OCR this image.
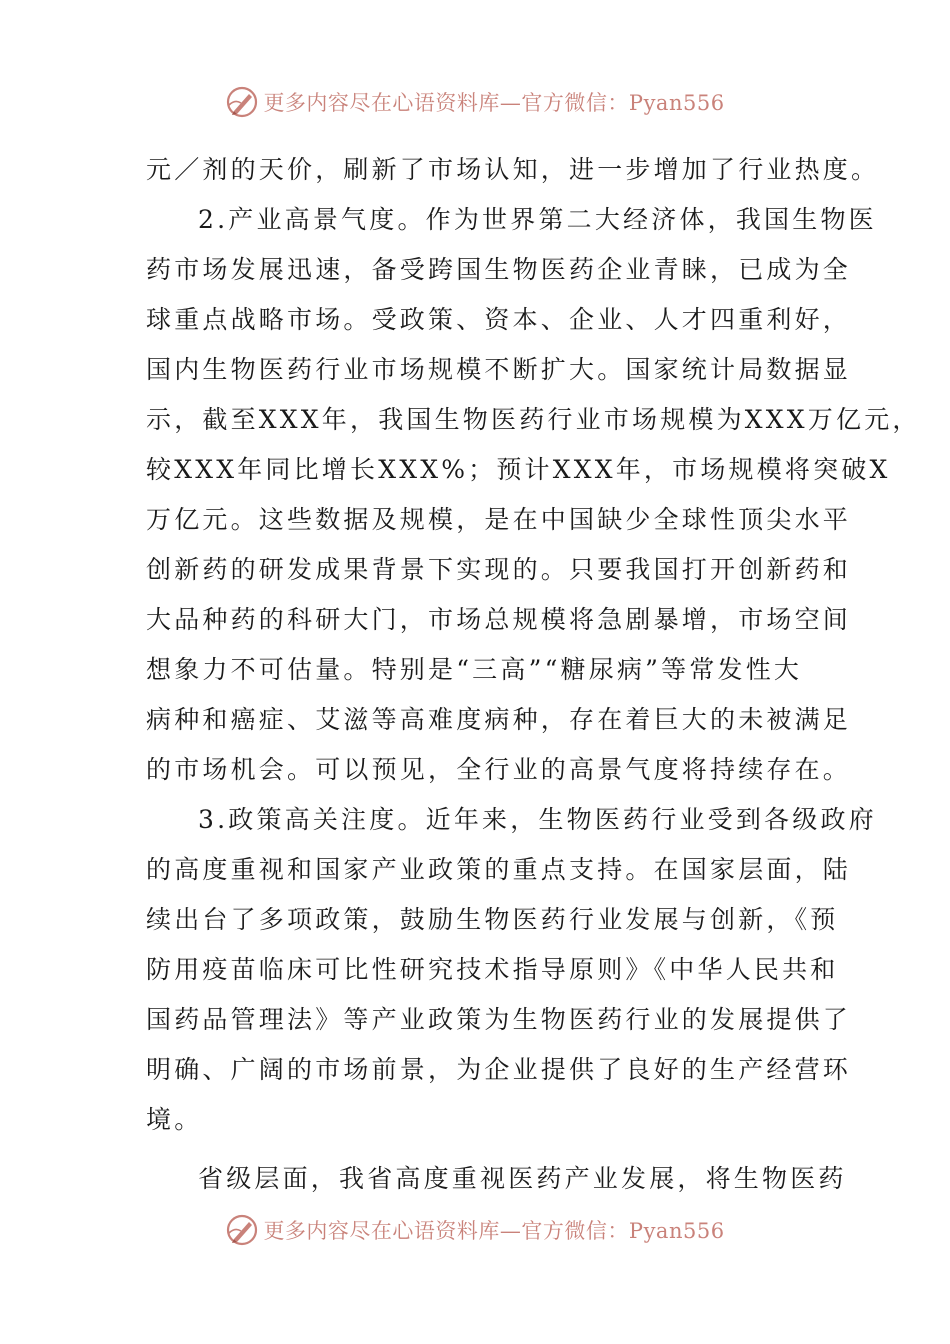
更多内容尽在心语资料库—官方微信：Pyan556
元／剂的天价，刷新了市场认知，进一步增加了行业热度。
2.产业高景气度。作为世界第二大经济体，我国生物医
药市场发展迅速，备受跨国生物医药企业青睐，已成为全
球重点战略市场。受政策、资本、企业、人才四重利好，
国内生物医药行业市场规模不断扩大。国家统计局数据显
示，截至XXX年，我国生物医药行业市场规模为XXX万亿元，
较XXX年同比增长XXX%；预计XXX年，市场规模将突破X
万亿元。这些数据及规模，是在中国缺少全球性顶尖水平
创新药的研发成果背景下实现的。只要我国打开创新药和
大品种药的科研大门，市场总规模将急剧暴增，市场空间
想象力不可估量。特别是“三高”“糖尿病”等常发性大
病种和癌症、艾滋等高难度病种，存在着巨大的未被满足
的市场机会。可以预见，全行业的高景气度将持续存在。
3.政策高关注度。近年来，生物医药行业受到各级政府
的高度重视和国家产业政策的重点支持。在国家层面，陆
续出台了多项政策，鼓励生物医药行业发展与创新，《预
防用疫苗临床可比性研究技术指导原则》《中华人民共和
国药品管理法》等产业政策为生物医药行业的发展提供了
明确、广阔的市场前景，为企业提供了良好的生产经营环
境。
省级层面，我省高度重视医药产业发展，将生物医药
更多内容尽在心语资料库—官方微信：Pyan556
